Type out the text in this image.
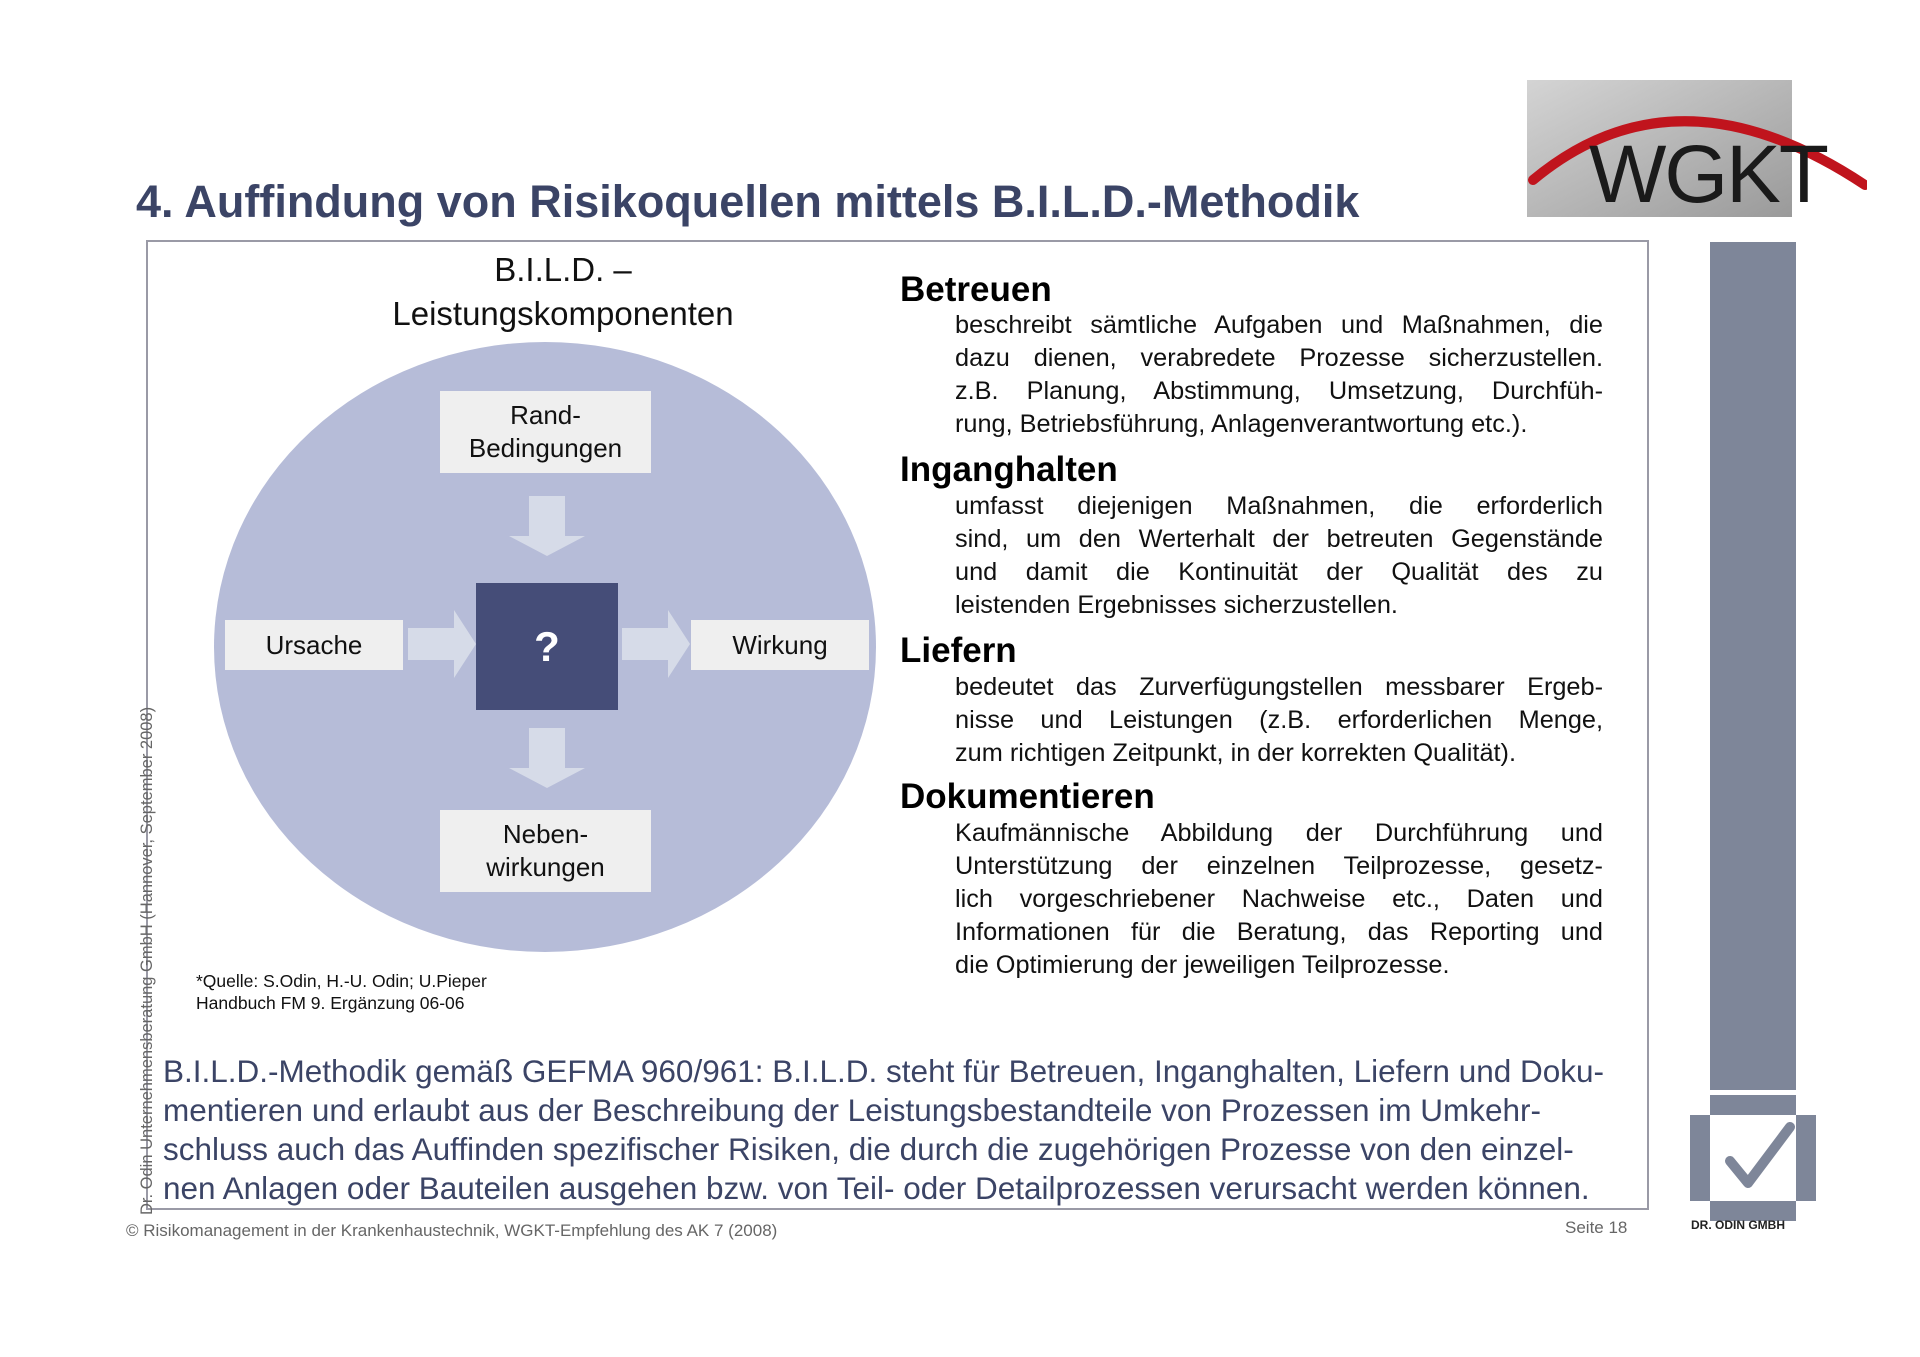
4. Auffindung von Risikoquellen mittels B.I.L.D.-Methodik	WGKT
B.I.L.D. –
Leistungskomponenten
Rand-
Bedingungen
Neben-
wirkungen
Ursache	Wirkung
?
*Quelle: S.Odin, H.-U. Odin; U.Pieper
Handbuch FM 9. Ergänzung 06-06
Betreuen
beschreibt sämtliche Aufgaben und Maßnahmen, die
dazu dienen, verabredete Prozesse sicherzustellen.
z.B. Planung, Abstimmung, Umsetzung, Durchfüh-
rung, Betriebsführung, Anlagenverantwortung etc.).
Inganghalten
umfasst diejenigen Maßnahmen, die erforderlich
sind, um den Werterhalt der betreuten Gegenstände
und damit die Kontinuität der Qualität des zu
leistenden Ergebnisses sicherzustellen.
Liefern
bedeutet das Zurverfügungstellen messbarer Ergeb-
nisse und Leistungen (z.B. erforderlichen Menge,
zum richtigen Zeitpunkt, in der korrekten Qualität).
Dokumentieren
Kaufmännische Abbildung der Durchführung und
Unterstützung der einzelnen Teilprozesse, gesetz-
lich vorgeschriebener Nachweise etc., Daten und
Informationen für die Beratung, das Reporting und
die Optimierung der jeweiligen Teilprozesse.
B.I.L.D.-Methodik gemäß GEFMA 960/961: B.I.L.D. steht für Betreuen, Inganghalten, Liefern und Doku-
mentieren und erlaubt aus der Beschreibung der Leistungsbestandteile von Prozessen im Umkehr-
schluss auch das Auffinden spezifischer Risiken, die durch die zugehörigen Prozesse von den einzel-
nen Anlagen oder Bauteilen ausgehen bzw. von Teil- oder Detailprozessen verursacht werden können.
DR. ODIN GMBH
Dr. Odin Unternehmensberatung GmbH (Hannover, September 2008)
© Risikomanagement in der Krankenhaustechnik, WGKT-Empfehlung des AK 7 (2008)	Seite 18
